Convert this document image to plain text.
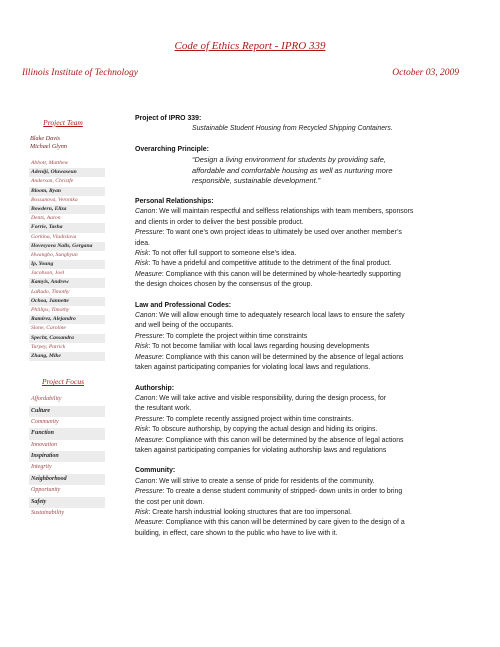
Code of Ethics Report - IPRO 339
Illinois Institute of Technology	October 03, 2009
Project Team
Blake Davis
Michael Glynn
Abbott, Matthew
Adeniji, Oluwaseun
Anderson, Christfe
Bloom, Ryan
Bossanova, Veronika
Bowdern, Eliza
Dents, Aaron
Forrie, Tasha
Gorkina, Vladislava
Hovesyova Nalls, Gergana
Hwangbo, Sunghyun
Ip, Young
Jacobson, Joel
Kamyis, Andrew
LaRudo, Timothy
Ochoa, Jannette
Phillips, Timothy
Ramirez, Alejandro
Slone, Caroline
Specht, Cassandra
Tarpey, Patrick
Zhang, Mike
Project Focus
Affordability
Culture
Community
Function
Innovation
Inspiration
Integrity
Neighborhood
Opportunity
Safety
Sustainability
Project of IPRO 339:
Sustainable Student Housing from Recycled Shipping Containers.
Overarching Principle:
“Design a living environment for students by providing safe,
affordable and comfortable housing as well as nurturing more
responsible, sustainable development.”
Personal Relationships:
Canon: We will maintain respectful and selfless relationships with team members, sponsors
and clients in order to deliver the best possible product.
Pressure: To want one’s own project ideas to ultimately be used over another member’s
idea.
Risk: To not offer full support to someone else’s idea.
Risk: To have a prideful and competitive attitude to the detriment of the final product.
Measure: Compliance with this canon will be determined by whole-heartedly supporting
the design choices chosen by the consensus of the group.
Law and Professional Codes:
Canon: We will allow enough time to adequately research local laws to ensure the safety
and well being of the occupants.
Pressure: To complete the project within time constraints
Risk: To not become familiar with local laws regarding housing developments
Measure: Compliance with this canon will be determined by the absence of legal actions
taken against participating companies for violating local laws and regulations.
Authorship:
Canon: We will take active and visible responsibility, during the design process, for
the resultant work.
Pressure: To complete recently assigned project within time constraints.
Risk: To obscure authorship, by copying the actual design and hiding its origins.
Measure: Compliance with this canon will be determined by the absence of legal actions
taken against participating companies for violating authorship laws and regulations
Community:
Canon: We will strive to create a sense of pride for residents of the community.
Pressure: To create a dense student community of stripped- down units in order to bring
the cost per unit down.
Risk: Create harsh industrial looking structures that are too impersonal.
Measure: Compliance with this canon will be determined by care given to the design of a
building, in effect, care shown to the public who have to live with it.
